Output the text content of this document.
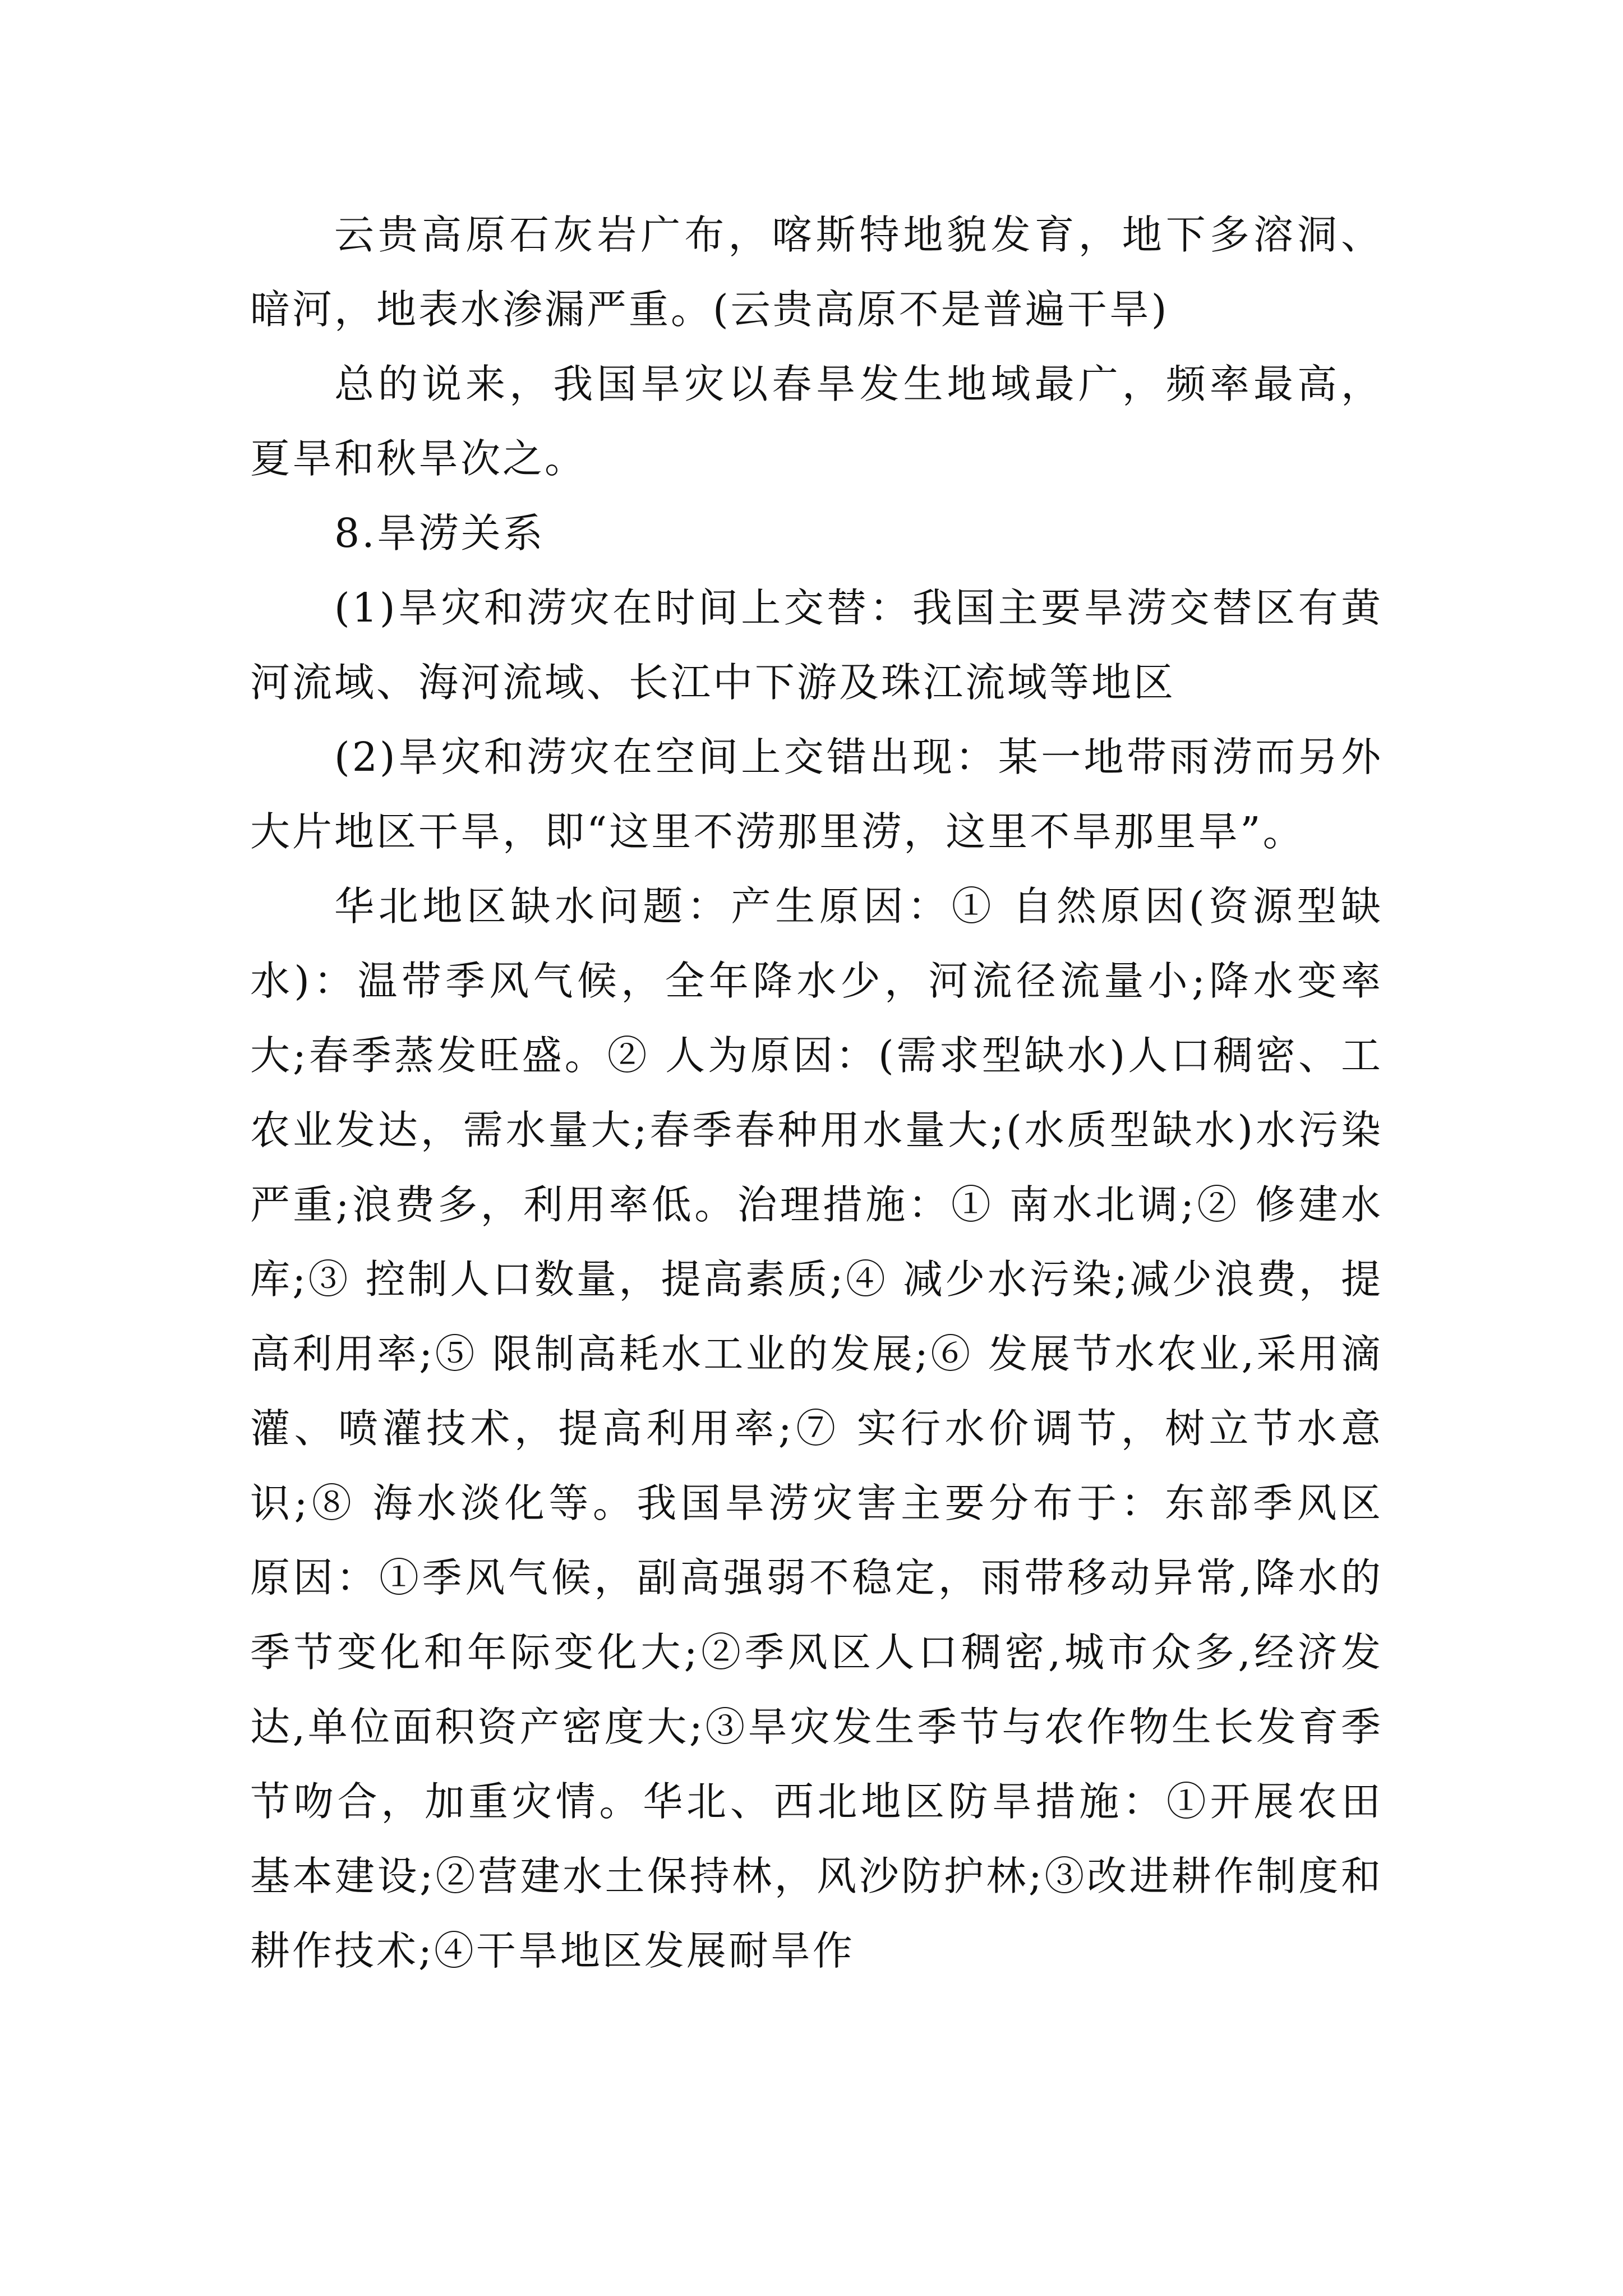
云贵高原石灰岩广布，喀斯特地貌发育，地下多溶洞、暗河，地表水渗漏严重。(云贵高原不是普遍干旱)

总的说来，我国旱灾以春旱发生地域最广，频率最高，夏旱和秋旱次之。

8.旱涝关系

(1)旱灾和涝灾在时间上交替：我国主要旱涝交替区有黄河流域、海河流域、长江中下游及珠江流域等地区

(2)旱灾和涝灾在空间上交错出现：某一地带雨涝而另外大片地区干旱，即“这里不涝那里涝，这里不旱那里旱”。

华北地区缺水问题：产生原因：① 自然原因(资源型缺水)：温带季风气候，全年降水少，河流径流量小;降水变率大;春季蒸发旺盛。② 人为原因：(需求型缺水)人口稠密、工农业发达，需水量大;春季春种用水量大;(水质型缺水)水污染严重;浪费多，利用率低。治理措施：① 南水北调;② 修建水库;③ 控制人口数量，提高素质;④ 减少水污染;减少浪费，提高利用率;⑤ 限制高耗水工业的发展;⑥ 发展节水农业,采用滴灌、喷灌技术，提高利用率;⑦ 实行水价调节，树立节水意识;⑧ 海水淡化等。我国旱涝灾害主要分布于：东部季风区 原因：①季风气候，副高强弱不稳定，雨带移动异常,降水的季节变化和年际变化大;②季风区人口稠密,城市众多,经济发达,单位面积资产密度大;③旱灾发生季节与农作物生长发育季节吻合，加重灾情。华北、西北地区防旱措施：①开展农田基本建设;②营建水土保持林，风沙防护林;③改进耕作制度和耕作技术;④干旱地区发展耐旱作
